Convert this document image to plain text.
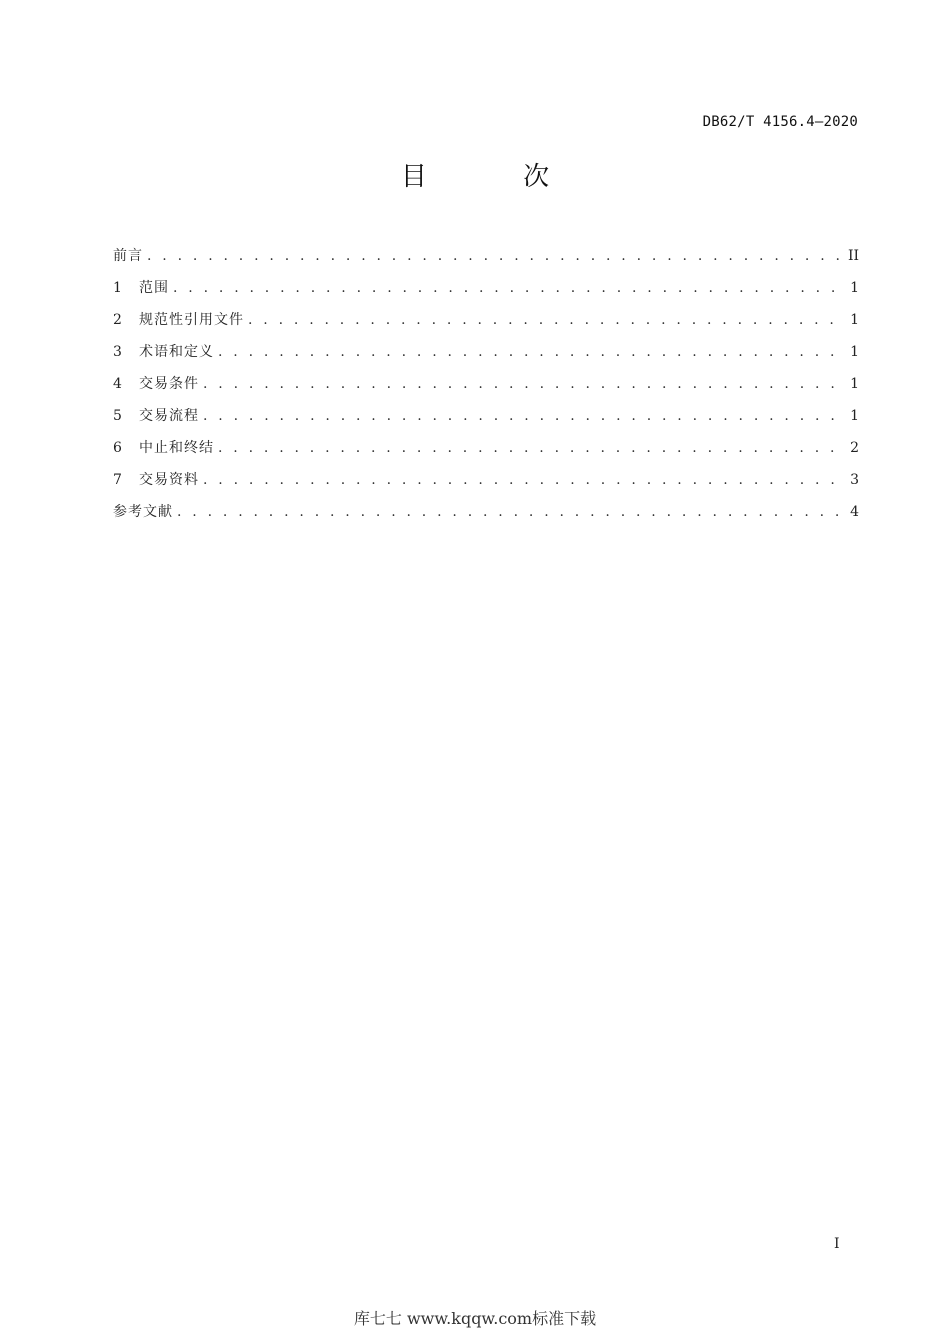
DB62/T 4156.4—2020
目 次
前言 . . .	II
1	范围 . . .	1
2	规范性引用文件 . . .	1
3	术语和定义 . . .	1
4	交易条件 . . .	1
5	交易流程 . . .	1
6	中止和终结 . . .	2
7	交易资料 . . .	3
参考文献 . . .	4
I
库七七 www.kqqw.com标准下载
